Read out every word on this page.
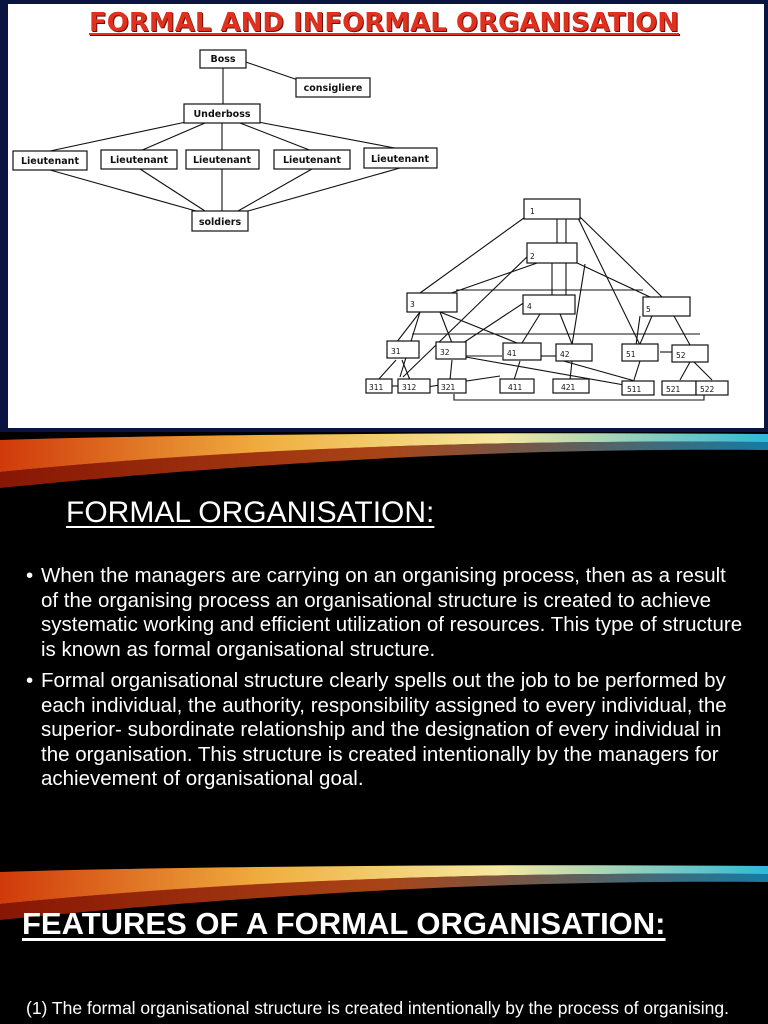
FORMAL AND INFORMAL ORGANISATION
Boss
consigliere
Underboss
Lieutenant	Lieutenant	Lieutenant	Lieutenant	Lieutenant
soldiers
1
2
3	4	5
31	32	41	42	51	52
311 312	321	411	421	511	521	522
FORMAL ORGANISATION:
• When the managers are carrying on an organising process, then as a result of the organising process an organisational structure is created to achieve systematic working and efficient utilization of resources. This type of structure is known as formal organisational structure.
• Formal organisational structure clearly spells out the job to be performed by each individual, the authority, responsibility assigned to every individual, the superior- subordinate relationship and the designation of every individual in the organisation. This structure is created intentionally by the managers for achievement of organisational goal.
FEATURES OF A FORMAL ORGANISATION:

(1) The formal organisational structure is created intentionally by the process of organising.
